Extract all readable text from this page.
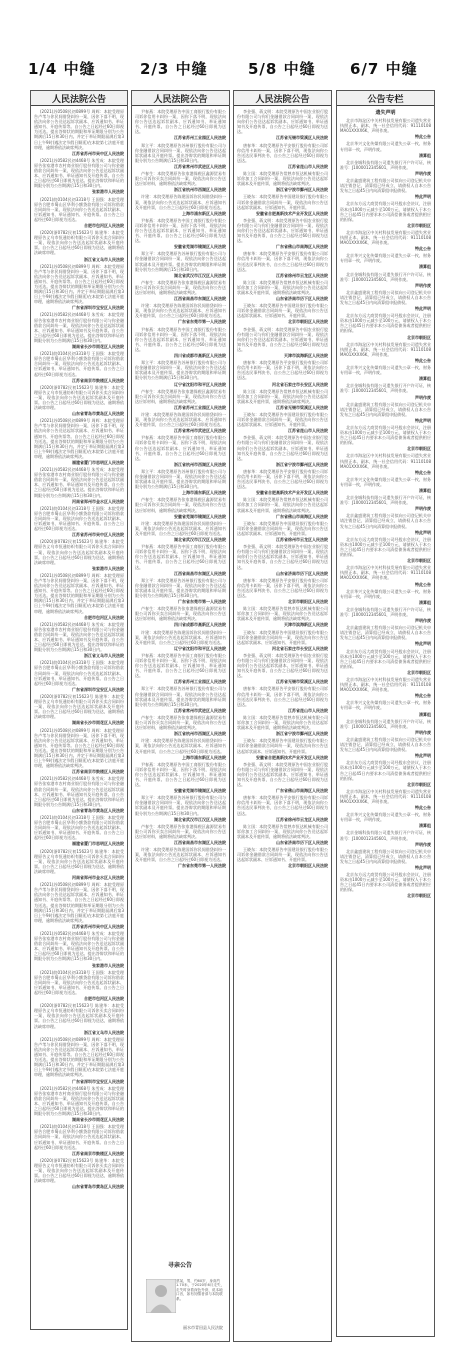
1/4 中缝	2/3 中缝	5/8 中缝 6/7 中缝
人民法院公告

(2021)苏0508民初0899号 周辉：本院受理原告卢苇与你民间借贷纠纷一案，因你下落不明，现依法向你公告送达起诉状副本、应诉通知书、举证通知书、开庭传票等。自公告之日起经过60日即视为送达。提出答辩状的期限和举证期限分别为公告期满后15日和30日内。并定于举证期限届满后第3日上午9时(遇法定节假日顺延)在本院第七法庭开庭审理，逾期将依法缺席判决。

江苏省苏州市吴中区人民法院

(2021)苏0582民初4468号 朱雪成：本院受理原告张家港市农村商业银行股份有限公司与你金融借款合同纠纷一案，现依法向你公告送达起诉状副本、应诉通知书、举证通知书及开庭传票。自公告之日起经过60日即视为送达。提出答辩状和举证的期限分别为公告期满后15日和30日内。

张家港市人民法院

(2021)皖0104民初3318号 王国强：本院受理原告合肥市蜀山区华利小额贷款有限公司诉你借款合同纠纷一案，现依法向你公告送达起诉状副本、应诉通知书、举证通知书、开庭传票。自公告之日起经过60日即视为送达。

合肥市包河区人民法院

(2020)浙0782民初15623号 陈建华：本院受理原告义乌市恒通纺织有限公司诉你买卖合同纠纷一案，现依法向你公告送达起诉状副本及开庭传票。自公告之日起经过60日即视为送达，逾期将依法缺席审理。

浙江省义乌市人民法院

(2021)苏0508民初0899号 周辉：本院受理原告卢苇与你民间借贷纠纷一案，因你下落不明，现依法向你公告送达起诉状副本、应诉通知书、举证通知书、开庭传票等。自公告之日起经过60日即视为送达。提出答辩状的期限和举证期限分别为公告期满后15日和30日内。并定于举证期限届满后第3日上午9时(遇法定节假日顺延)在本院第七法庭开庭审理，逾期将依法缺席判决。

广东省深圳市宝安区人民法院

(2021)苏0582民初4468号 朱雪成：本院受理原告张家港市农村商业银行股份有限公司与你金融借款合同纠纷一案，现依法向你公告送达起诉状副本、应诉通知书、举证通知书及开庭传票。自公告之日起经过60日即视为送达。提出答辩状和举证的期限分别为公告期满后15日和30日内。

湖南省长沙市雨花区人民法院

(2021)皖0104民初3318号 王国强：本院受理原告合肥市蜀山区华利小额贷款有限公司诉你借款合同纠纷一案，现依法向你公告送达起诉状副本、应诉通知书、举证通知书、开庭传票。自公告之日起经过60日即视为送达。

江苏省南京市鼓楼区人民法院

(2020)浙0782民初15623号 陈建华：本院受理原告义乌市恒通纺织有限公司诉你买卖合同纠纷一案，现依法向你公告送达起诉状副本及开庭传票。自公告之日起经过60日即视为送达，逾期将依法缺席审理。

山东省青岛市黄岛区人民法院

(2021)苏0508民初0899号 周辉：本院受理原告卢苇与你民间借贷纠纷一案，因你下落不明，现依法向你公告送达起诉状副本、应诉通知书、举证通知书、开庭传票等。自公告之日起经过60日即视为送达。提出答辩状的期限和举证期限分别为公告期满后15日和30日内。并定于举证期限届满后第3日上午9时(遇法定节假日顺延)在本院第七法庭开庭审理，逾期将依法缺席判决。

福建省厦门市思明区人民法院

(2021)苏0582民初4468号 朱雪成：本院受理原告张家港市农村商业银行股份有限公司与你金融借款合同纠纷一案，现依法向你公告送达起诉状副本、应诉通知书、举证通知书及开庭传票。自公告之日起经过60日即视为送达。提出答辩状和举证的期限分别为公告期满后15日和30日内。

河南省郑州市金水区人民法院

(2021)皖0104民初3318号 王国强：本院受理原告合肥市蜀山区华利小额贷款有限公司诉你借款合同纠纷一案，现依法向你公告送达起诉状副本、应诉通知书、举证通知书、开庭传票。自公告之日起经过60日即视为送达。

江苏省苏州市吴中区人民法院

(2020)浙0782民初15623号 陈建华：本院受理原告义乌市恒通纺织有限公司诉你买卖合同纠纷一案，现依法向你公告送达起诉状副本及开庭传票。自公告之日起经过60日即视为送达，逾期将依法缺席审理。

张家港市人民法院

(2021)苏0508民初0899号 周辉：本院受理原告卢苇与你民间借贷纠纷一案，因你下落不明，现依法向你公告送达起诉状副本、应诉通知书、举证通知书、开庭传票等。自公告之日起经过60日即视为送达。提出答辩状的期限和举证期限分别为公告期满后15日和30日内。并定于举证期限届满后第3日上午9时(遇法定节假日顺延)在本院第七法庭开庭审理，逾期将依法缺席判决。

合肥市包河区人民法院

(2021)苏0582民初4468号 朱雪成：本院受理原告张家港市农村商业银行股份有限公司与你金融借款合同纠纷一案，现依法向你公告送达起诉状副本、应诉通知书、举证通知书及开庭传票。自公告之日起经过60日即视为送达。提出答辩状和举证的期限分别为公告期满后15日和30日内。

浙江省义乌市人民法院

(2021)皖0104民初3318号 王国强：本院受理原告合肥市蜀山区华利小额贷款有限公司诉你借款合同纠纷一案，现依法向你公告送达起诉状副本、应诉通知书、举证通知书、开庭传票。自公告之日起经过60日即视为送达。

广东省深圳市宝安区人民法院

(2020)浙0782民初15623号 陈建华：本院受理原告义乌市恒通纺织有限公司诉你买卖合同纠纷一案，现依法向你公告送达起诉状副本及开庭传票。自公告之日起经过60日即视为送达，逾期将依法缺席审理。

湖南省长沙市雨花区人民法院

(2021)苏0508民初0899号 周辉：本院受理原告卢苇与你民间借贷纠纷一案，因你下落不明，现依法向你公告送达起诉状副本、应诉通知书、举证通知书、开庭传票等。自公告之日起经过60日即视为送达。提出答辩状的期限和举证期限分别为公告期满后15日和30日内。并定于举证期限届满后第3日上午9时(遇法定节假日顺延)在本院第七法庭开庭审理，逾期将依法缺席判决。

江苏省南京市鼓楼区人民法院

(2021)苏0582民初4468号 朱雪成：本院受理原告张家港市农村商业银行股份有限公司与你金融借款合同纠纷一案，现依法向你公告送达起诉状副本、应诉通知书、举证通知书及开庭传票。自公告之日起经过60日即视为送达。提出答辩状和举证的期限分别为公告期满后15日和30日内。

山东省青岛市黄岛区人民法院

(2021)皖0104民初3318号 王国强：本院受理原告合肥市蜀山区华利小额贷款有限公司诉你借款合同纠纷一案，现依法向你公告送达起诉状副本、应诉通知书、举证通知书、开庭传票。自公告之日起经过60日即视为送达。

福建省厦门市思明区人民法院

(2020)浙0782民初15623号 陈建华：本院受理原告义乌市恒通纺织有限公司诉你买卖合同纠纷一案，现依法向你公告送达起诉状副本及开庭传票。自公告之日起经过60日即视为送达，逾期将依法缺席审理。

河南省郑州市金水区人民法院

(2021)苏0508民初0899号 周辉：本院受理原告卢苇与你民间借贷纠纷一案，因你下落不明，现依法向你公告送达起诉状副本、应诉通知书、举证通知书、开庭传票等。自公告之日起经过60日即视为送达。提出答辩状的期限和举证期限分别为公告期满后15日和30日内。并定于举证期限届满后第3日上午9时(遇法定节假日顺延)在本院第七法庭开庭审理，逾期将依法缺席判决。

江苏省苏州市吴中区人民法院

(2021)苏0582民初4468号 朱雪成：本院受理原告张家港市农村商业银行股份有限公司与你金融借款合同纠纷一案，现依法向你公告送达起诉状副本、应诉通知书、举证通知书及开庭传票。自公告之日起经过60日即视为送达。提出答辩状和举证的期限分别为公告期满后15日和30日内。

张家港市人民法院

(2021)皖0104民初3318号 王国强：本院受理原告合肥市蜀山区华利小额贷款有限公司诉你借款合同纠纷一案，现依法向你公告送达起诉状副本、应诉通知书、举证通知书、开庭传票。自公告之日起经过60日即视为送达。

合肥市包河区人民法院

(2020)浙0782民初15623号 陈建华：本院受理原告义乌市恒通纺织有限公司诉你买卖合同纠纷一案，现依法向你公告送达起诉状副本及开庭传票。自公告之日起经过60日即视为送达，逾期将依法缺席审理。

浙江省义乌市人民法院

(2021)苏0508民初0899号 周辉：本院受理原告卢苇与你民间借贷纠纷一案，因你下落不明，现依法向你公告送达起诉状副本、应诉通知书、举证通知书、开庭传票等。自公告之日起经过60日即视为送达。提出答辩状的期限和举证期限分别为公告期满后15日和30日内。并定于举证期限届满后第3日上午9时(遇法定节假日顺延)在本院第七法庭开庭审理，逾期将依法缺席判决。

广东省深圳市宝安区人民法院

(2021)苏0582民初4468号 朱雪成：本院受理原告张家港市农村商业银行股份有限公司与你金融借款合同纠纷一案，现依法向你公告送达起诉状副本、应诉通知书、举证通知书及开庭传票。自公告之日起经过60日即视为送达。提出答辩状和举证的期限分别为公告期满后15日和30日内。

湖南省长沙市雨花区人民法院

(2021)皖0104民初3318号 王国强：本院受理原告合肥市蜀山区华利小额贷款有限公司诉你借款合同纠纷一案，现依法向你公告送达起诉状副本、应诉通知书、举证通知书、开庭传票。自公告之日起经过60日即视为送达。

江苏省南京市鼓楼区人民法院

(2020)浙0782民初15623号 陈建华：本院受理原告义乌市恒通纺织有限公司诉你买卖合同纠纷一案，现依法向你公告送达起诉状副本及开庭传票。自公告之日起经过60日即视为送达，逾期将依法缺席审理。

山东省青岛市黄岛区人民法院
人民法院公告

尹春燕：本院受理原告中国工商银行股份有限公司诉你信用卡纠纷一案，因你下落不明，现依法向你公告送达起诉状副本、应诉通知书、举证通知书、开庭传票。自公告之日起经过60日即视为送达。

江苏省苏州工业园区人民法院

郑立平：本院受理原告苏州银行股份有限公司与你金融借款合同纠纷一案，现依法向你公告送达起诉状副本及开庭传票。提出答辩状的期限和举证期限分别为公告期满后15日和30日内。

江苏省常州市武进区人民法院

卢春生：本院受理原告张家港保税区鑫源贸易有限公司诉你买卖合同纠纷一案，现依法向你公告送达应诉材料，逾期将依法缺席判决。

浙江省杭州市西湖区人民法院

许建：本院受理原告陈建国诉你民间借贷纠纷一案，现依法向你公告送达起诉状副本、应诉通知书及开庭传票，自公告之日起经过60日即视为送达。

上海市浦东新区人民法院

尹春燕：本院受理原告中国工商银行股份有限公司诉你信用卡纠纷一案，因你下落不明，现依法向你公告送达起诉状副本、应诉通知书、举证通知书、开庭传票。自公告之日起经过60日即视为送达。

安徽省芜湖市镜湖区人民法院

郑立平：本院受理原告苏州银行股份有限公司与你金融借款合同纠纷一案，现依法向你公告送达起诉状副本及开庭传票。提出答辩状的期限和举证期限分别为公告期满后15日和30日内。

湖北省武汉市江汉区人民法院

卢春生：本院受理原告张家港保税区鑫源贸易有限公司诉你买卖合同纠纷一案，现依法向你公告送达应诉材料，逾期将依法缺席判决。

江西省南昌市东湖区人民法院

许建：本院受理原告陈建国诉你民间借贷纠纷一案，现依法向你公告送达起诉状副本、应诉通知书及开庭传票，自公告之日起经过60日即视为送达。

广东省东莞市第一人民法院

尹春燕：本院受理原告中国工商银行股份有限公司诉你信用卡纠纷一案，因你下落不明，现依法向你公告送达起诉状副本、应诉通知书、举证通知书、开庭传票。自公告之日起经过60日即视为送达。

四川省成都市高新区人民法院

郑立平：本院受理原告苏州银行股份有限公司与你金融借款合同纠纷一案，现依法向你公告送达起诉状副本及开庭传票。提出答辩状的期限和举证期限分别为公告期满后15日和30日内。

辽宁省沈阳市和平区人民法院

卢春生：本院受理原告张家港保税区鑫源贸易有限公司诉你买卖合同纠纷一案，现依法向你公告送达应诉材料，逾期将依法缺席判决。

江苏省苏州工业园区人民法院

许建：本院受理原告陈建国诉你民间借贷纠纷一案，现依法向你公告送达起诉状副本、应诉通知书及开庭传票，自公告之日起经过60日即视为送达。

江苏省常州市武进区人民法院

尹春燕：本院受理原告中国工商银行股份有限公司诉你信用卡纠纷一案，因你下落不明，现依法向你公告送达起诉状副本、应诉通知书、举证通知书、开庭传票。自公告之日起经过60日即视为送达。

浙江省杭州市西湖区人民法院

郑立平：本院受理原告苏州银行股份有限公司与你金融借款合同纠纷一案，现依法向你公告送达起诉状副本及开庭传票。提出答辩状的期限和举证期限分别为公告期满后15日和30日内。

上海市浦东新区人民法院

卢春生：本院受理原告张家港保税区鑫源贸易有限公司诉你买卖合同纠纷一案，现依法向你公告送达应诉材料，逾期将依法缺席判决。

安徽省芜湖市镜湖区人民法院

许建：本院受理原告陈建国诉你民间借贷纠纷一案，现依法向你公告送达起诉状副本、应诉通知书及开庭传票，自公告之日起经过60日即视为送达。

湖北省武汉市江汉区人民法院

尹春燕：本院受理原告中国工商银行股份有限公司诉你信用卡纠纷一案，因你下落不明，现依法向你公告送达起诉状副本、应诉通知书、举证通知书、开庭传票。自公告之日起经过60日即视为送达。

江西省南昌市东湖区人民法院

郑立平：本院受理原告苏州银行股份有限公司与你金融借款合同纠纷一案，现依法向你公告送达起诉状副本及开庭传票。提出答辩状的期限和举证期限分别为公告期满后15日和30日内。

广东省东莞市第一人民法院

卢春生：本院受理原告张家港保税区鑫源贸易有限公司诉你买卖合同纠纷一案，现依法向你公告送达应诉材料，逾期将依法缺席判决。

四川省成都市高新区人民法院

许建：本院受理原告陈建国诉你民间借贷纠纷一案，现依法向你公告送达起诉状副本、应诉通知书及开庭传票，自公告之日起经过60日即视为送达。

辽宁省沈阳市和平区人民法院

尹春燕：本院受理原告中国工商银行股份有限公司诉你信用卡纠纷一案，因你下落不明，现依法向你公告送达起诉状副本、应诉通知书、举证通知书、开庭传票。自公告之日起经过60日即视为送达。

江苏省苏州工业园区人民法院

郑立平：本院受理原告苏州银行股份有限公司与你金融借款合同纠纷一案，现依法向你公告送达起诉状副本及开庭传票。提出答辩状的期限和举证期限分别为公告期满后15日和30日内。

江苏省常州市武进区人民法院

卢春生：本院受理原告张家港保税区鑫源贸易有限公司诉你买卖合同纠纷一案，现依法向你公告送达应诉材料，逾期将依法缺席判决。

浙江省杭州市西湖区人民法院

许建：本院受理原告陈建国诉你民间借贷纠纷一案，现依法向你公告送达起诉状副本、应诉通知书及开庭传票，自公告之日起经过60日即视为送达。

上海市浦东新区人民法院

尹春燕：本院受理原告中国工商银行股份有限公司诉你信用卡纠纷一案，因你下落不明，现依法向你公告送达起诉状副本、应诉通知书、举证通知书、开庭传票。自公告之日起经过60日即视为送达。

安徽省芜湖市镜湖区人民法院

郑立平：本院受理原告苏州银行股份有限公司与你金融借款合同纠纷一案，现依法向你公告送达起诉状副本及开庭传票。提出答辩状的期限和举证期限分别为公告期满后15日和30日内。

湖北省武汉市江汉区人民法院

卢春生：本院受理原告张家港保税区鑫源贸易有限公司诉你买卖合同纠纷一案，现依法向你公告送达应诉材料，逾期将依法缺席判决。

江西省南昌市东湖区人民法院

许建：本院受理原告陈建国诉你民间借贷纠纷一案，现依法向你公告送达起诉状副本、应诉通知书及开庭传票，自公告之日起经过60日即视为送达。

广东省东莞市第一人民法院
寻亲公告
蔡某，男，约60岁，身高约1.70米，于2020年6月走失，走失时身着深色外套，说本地口音，如有知情者请与本院联系。
丽水市青田县人民法院
人民法院公告

李金强、蒋文明：本院受理原告中国农业银行股份有限公司与你们金融借款合同纠纷一案，现依法向你们公告送达起诉状副本、应诉通知书、举证通知书及开庭传票，自公告之日起经过60日即视为送达。

江苏省无锡市梁溪区人民法院

唐春华：本院受理原告平安银行股份有限公司诉你信用卡纠纷一案，因你下落不明，现依法向你公告送达民事判决书，自公告之日起经过60日即视为送达。

江苏省昆山市人民法院

陈立国：本院受理原告常熟市恒达机械有限公司诉你加工合同纠纷一案，现依法向你公告送达起诉状副本及开庭传票，逾期将依法缺席判决。

浙江省宁波市鄞州区人民法院

王晓东：本院受理原告中国建设银行股份有限公司诉你金融借款合同纠纷一案，现依法向你公告送达起诉状副本、应诉通知书、开庭传票。

安徽省合肥高新技术产业开发区人民法院

李金强、蒋文明：本院受理原告中国农业银行股份有限公司与你们金融借款合同纠纷一案，现依法向你们公告送达起诉状副本、应诉通知书、举证通知书及开庭传票，自公告之日起经过60日即视为送达。

广东省佛山市南海区人民法院

唐春华：本院受理原告平安银行股份有限公司诉你信用卡纠纷一案，因你下落不明，现依法向你公告送达民事判决书，自公告之日起经过60日即视为送达。

江苏省徐州市云龙区人民法院

陈立国：本院受理原告常熟市恒达机械有限公司诉你加工合同纠纷一案，现依法向你公告送达起诉状副本及开庭传票，逾期将依法缺席判决。

山东省济南市历下区人民法院

王晓东：本院受理原告中国建设银行股份有限公司诉你金融借款合同纠纷一案，现依法向你公告送达起诉状副本、应诉通知书、开庭传票。

北京市朝阳区人民法院

李金强、蒋文明：本院受理原告中国农业银行股份有限公司与你们金融借款合同纠纷一案，现依法向你们公告送达起诉状副本、应诉通知书、举证通知书及开庭传票，自公告之日起经过60日即视为送达。

天津市滨海新区人民法院

唐春华：本院受理原告平安银行股份有限公司诉你信用卡纠纷一案，因你下落不明，现依法向你公告送达民事判决书，自公告之日起经过60日即视为送达。

河北省石家庄市长安区人民法院

陈立国：本院受理原告常熟市恒达机械有限公司诉你加工合同纠纷一案，现依法向你公告送达起诉状副本及开庭传票，逾期将依法缺席判决。

江苏省无锡市梁溪区人民法院

王晓东：本院受理原告中国建设银行股份有限公司诉你金融借款合同纠纷一案，现依法向你公告送达起诉状副本、应诉通知书、开庭传票。

江苏省昆山市人民法院

李金强、蒋文明：本院受理原告中国农业银行股份有限公司与你们金融借款合同纠纷一案，现依法向你们公告送达起诉状副本、应诉通知书、举证通知书及开庭传票，自公告之日起经过60日即视为送达。

浙江省宁波市鄞州区人民法院

唐春华：本院受理原告平安银行股份有限公司诉你信用卡纠纷一案，因你下落不明，现依法向你公告送达民事判决书，自公告之日起经过60日即视为送达。

安徽省合肥高新技术产业开发区人民法院

陈立国：本院受理原告常熟市恒达机械有限公司诉你加工合同纠纷一案，现依法向你公告送达起诉状副本及开庭传票，逾期将依法缺席判决。

广东省佛山市南海区人民法院

王晓东：本院受理原告中国建设银行股份有限公司诉你金融借款合同纠纷一案，现依法向你公告送达起诉状副本、应诉通知书、开庭传票。

江苏省徐州市云龙区人民法院

李金强、蒋文明：本院受理原告中国农业银行股份有限公司与你们金融借款合同纠纷一案，现依法向你们公告送达起诉状副本、应诉通知书、举证通知书及开庭传票，自公告之日起经过60日即视为送达。

山东省济南市历下区人民法院

唐春华：本院受理原告平安银行股份有限公司诉你信用卡纠纷一案，因你下落不明，现依法向你公告送达民事判决书，自公告之日起经过60日即视为送达。

北京市朝阳区人民法院

陈立国：本院受理原告常熟市恒达机械有限公司诉你加工合同纠纷一案，现依法向你公告送达起诉状副本及开庭传票，逾期将依法缺席判决。

天津市滨海新区人民法院

王晓东：本院受理原告中国建设银行股份有限公司诉你金融借款合同纠纷一案，现依法向你公告送达起诉状副本、应诉通知书、开庭传票。

河北省石家庄市长安区人民法院

李金强、蒋文明：本院受理原告中国农业银行股份有限公司与你们金融借款合同纠纷一案，现依法向你们公告送达起诉状副本、应诉通知书、举证通知书及开庭传票，自公告之日起经过60日即视为送达。

江苏省无锡市梁溪区人民法院

唐春华：本院受理原告平安银行股份有限公司诉你信用卡纠纷一案，因你下落不明，现依法向你公告送达民事判决书，自公告之日起经过60日即视为送达。

江苏省昆山市人民法院

陈立国：本院受理原告常熟市恒达机械有限公司诉你加工合同纠纷一案，现依法向你公告送达起诉状副本及开庭传票，逾期将依法缺席判决。

浙江省宁波市鄞州区人民法院

王晓东：本院受理原告中国建设银行股份有限公司诉你金融借款合同纠纷一案，现依法向你公告送达起诉状副本、应诉通知书、开庭传票。

安徽省合肥高新技术产业开发区人民法院

李金强、蒋文明：本院受理原告中国农业银行股份有限公司与你们金融借款合同纠纷一案，现依法向你们公告送达起诉状副本、应诉通知书、举证通知书及开庭传票，自公告之日起经过60日即视为送达。

广东省佛山市南海区人民法院

唐春华：本院受理原告平安银行股份有限公司诉你信用卡纠纷一案，因你下落不明，现依法向你公告送达民事判决书，自公告之日起经过60日即视为送达。

江苏省徐州市云龙区人民法院

陈立国：本院受理原告常熟市恒达机械有限公司诉你加工合同纠纷一案，现依法向你公告送达起诉状副本及开庭传票，逾期将依法缺席判决。

山东省济南市历下区人民法院

王晓东：本院受理原告中国建设银行股份有限公司诉你金融借款合同纠纷一案，现依法向你公告送达起诉状副本、应诉通知书、开庭传票。

北京市朝阳区人民法院
公告专栏
遗失声明

北京市海淀区中关村科技发展有限公司遗失营业执照正本、副本，统一社会信用代码：91110108MA01XXXX6K，声明作废。

特此公告

北京华兴文化传媒有限公司遗失公章一枚、财务专用章一枚，声明作废。

清算组

北京金城科技有限公司遗失银行开户许可证，核准号：J1000012345601，声明作废。

声明作废

北京鑫盛建筑工程有限公司拟向公司登记机关申请注销登记，清算组已经成立，请债权人自本公告发布之日起45日内向清算组申报债权。

特此声明

北京东方远大商贸有限公司经股东会决议，注册资本由1000万元减少至100万元，请债权人于本公告之日起45日内要求本公司清偿债务或者提供相应的担保。

北京市朝阳区

北京市海淀区中关村科技发展有限公司遗失营业执照正本、副本，统一社会信用代码：91110108MA01XXXX6K，声明作废。

特此公告

北京华兴文化传媒有限公司遗失公章一枚、财务专用章一枚，声明作废。

清算组

北京金城科技有限公司遗失银行开户许可证，核准号：J1000012345601，声明作废。

声明作废

北京鑫盛建筑工程有限公司拟向公司登记机关申请注销登记，清算组已经成立，请债权人自本公告发布之日起45日内向清算组申报债权。

特此声明

北京东方远大商贸有限公司经股东会决议，注册资本由1000万元减少至100万元，请债权人于本公告之日起45日内要求本公司清偿债务或者提供相应的担保。

北京市朝阳区

北京市海淀区中关村科技发展有限公司遗失营业执照正本、副本，统一社会信用代码：91110108MA01XXXX6K，声明作废。

特此公告

北京华兴文化传媒有限公司遗失公章一枚、财务专用章一枚，声明作废。

清算组

北京金城科技有限公司遗失银行开户许可证，核准号：J1000012345601，声明作废。

声明作废

北京鑫盛建筑工程有限公司拟向公司登记机关申请注销登记，清算组已经成立，请债权人自本公告发布之日起45日内向清算组申报债权。

特此声明

北京东方远大商贸有限公司经股东会决议，注册资本由1000万元减少至100万元，请债权人于本公告之日起45日内要求本公司清偿债务或者提供相应的担保。

北京市朝阳区

北京市海淀区中关村科技发展有限公司遗失营业执照正本、副本，统一社会信用代码：91110108MA01XXXX6K，声明作废。

特此公告

北京华兴文化传媒有限公司遗失公章一枚、财务专用章一枚，声明作废。

清算组

北京金城科技有限公司遗失银行开户许可证，核准号：J1000012345601，声明作废。

声明作废

北京鑫盛建筑工程有限公司拟向公司登记机关申请注销登记，清算组已经成立，请债权人自本公告发布之日起45日内向清算组申报债权。

特此声明

北京东方远大商贸有限公司经股东会决议，注册资本由1000万元减少至100万元，请债权人于本公告之日起45日内要求本公司清偿债务或者提供相应的担保。

北京市朝阳区

北京市海淀区中关村科技发展有限公司遗失营业执照正本、副本，统一社会信用代码：91110108MA01XXXX6K，声明作废。

特此公告

北京华兴文化传媒有限公司遗失公章一枚、财务专用章一枚，声明作废。

清算组

北京金城科技有限公司遗失银行开户许可证，核准号：J1000012345601，声明作废。

声明作废

北京鑫盛建筑工程有限公司拟向公司登记机关申请注销登记，清算组已经成立，请债权人自本公告发布之日起45日内向清算组申报债权。

特此声明

北京东方远大商贸有限公司经股东会决议，注册资本由1000万元减少至100万元，请债权人于本公告之日起45日内要求本公司清偿债务或者提供相应的担保。

北京市朝阳区

北京市海淀区中关村科技发展有限公司遗失营业执照正本、副本，统一社会信用代码：91110108MA01XXXX6K，声明作废。

特此公告

北京华兴文化传媒有限公司遗失公章一枚、财务专用章一枚，声明作废。

清算组

北京金城科技有限公司遗失银行开户许可证，核准号：J1000012345601，声明作废。

声明作废

北京鑫盛建筑工程有限公司拟向公司登记机关申请注销登记，清算组已经成立，请债权人自本公告发布之日起45日内向清算组申报债权。

特此声明

北京东方远大商贸有限公司经股东会决议，注册资本由1000万元减少至100万元，请债权人于本公告之日起45日内要求本公司清偿债务或者提供相应的担保。

北京市朝阳区

北京市海淀区中关村科技发展有限公司遗失营业执照正本、副本，统一社会信用代码：91110108MA01XXXX6K，声明作废。

特此公告

北京华兴文化传媒有限公司遗失公章一枚、财务专用章一枚，声明作废。

清算组

北京金城科技有限公司遗失银行开户许可证，核准号：J1000012345601，声明作废。

声明作废

北京鑫盛建筑工程有限公司拟向公司登记机关申请注销登记，清算组已经成立，请债权人自本公告发布之日起45日内向清算组申报债权。

特此声明

北京东方远大商贸有限公司经股东会决议，注册资本由1000万元减少至100万元，请债权人于本公告之日起45日内要求本公司清偿债务或者提供相应的担保。

北京市朝阳区
